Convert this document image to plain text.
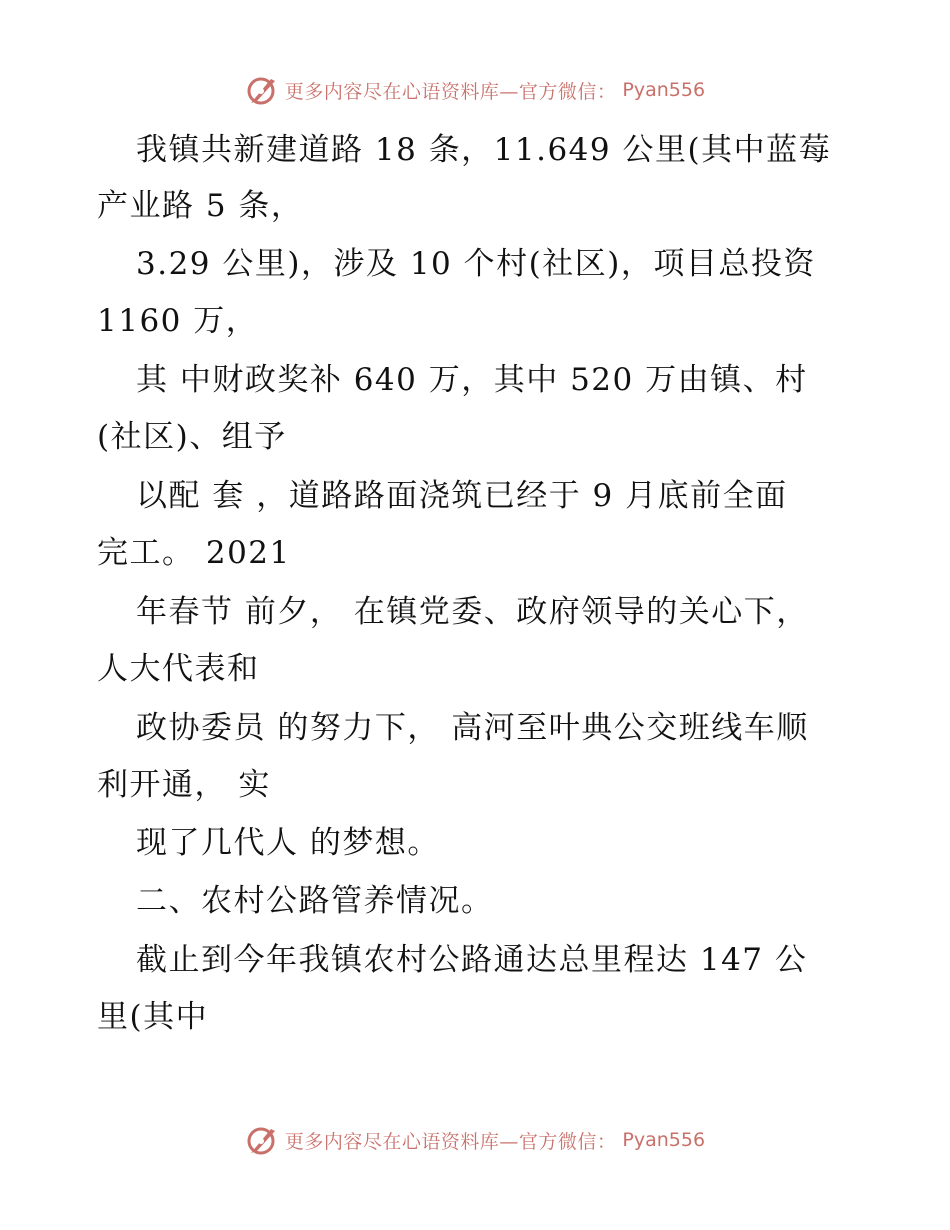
更多内容尽在心语资料库—官方微信： Pyan556
我镇共新建道路 18 条，11.649 公里(其中蓝莓
产业路 5 条，
3.29 公里)，涉及 10 个村(社区)，项目总投资
1160 万，
其 中财政奖补 640 万，其中 520 万由镇、村
(社区)、组予
以配 套 ，道路路面浇筑已经于 9 月底前全面
完工。 2021
年春节 前夕， 在镇党委、政府领导的关心下，
人大代表和
政协委员 的努力下， 高河至叶典公交班线车顺
利开通， 实
现了几代人 的梦想。
二、农村公路管养情况。
截止到今年我镇农村公路通达总里程达 147 公
里(其中
更多内容尽在心语资料库—官方微信： Pyan556
